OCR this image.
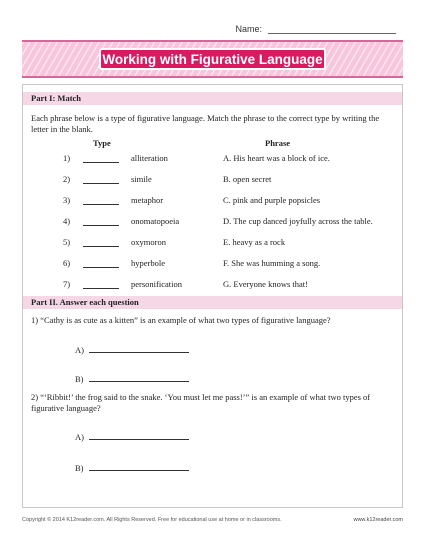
Name:
Working with Figurative Language
Part I: Match
Each phrase below is a type of figurative language. Match the phrase to the correct type by writing the letter in the blank.
Type	Phrase
1)	alliteration	A. His heart was a block of ice.
2)	simile	B. open secret
3)	metaphor	C. pink and purple popsicles
4)	onomatopoeia	D. The cup danced joyfully across the table.
5)	oxymoron	E. heavy as a rock
6)	hyperbole	F. She was humming a song.
7)	personification	G. Everyone knows that!
Part II. Answer each question
1) “Cathy is as cute as a kitten” is an example of what two types of figurative language?
A)
B)
2) “‘Ribbit!’ the frog said to the snake. ‘You must let me pass!’” is an example of what two types of figurative language?
A)
B)
Copyright © 2014 K12reader.com. All Rights Reserved. Free for educational use at home or in classrooms.	www.k12reader.com
